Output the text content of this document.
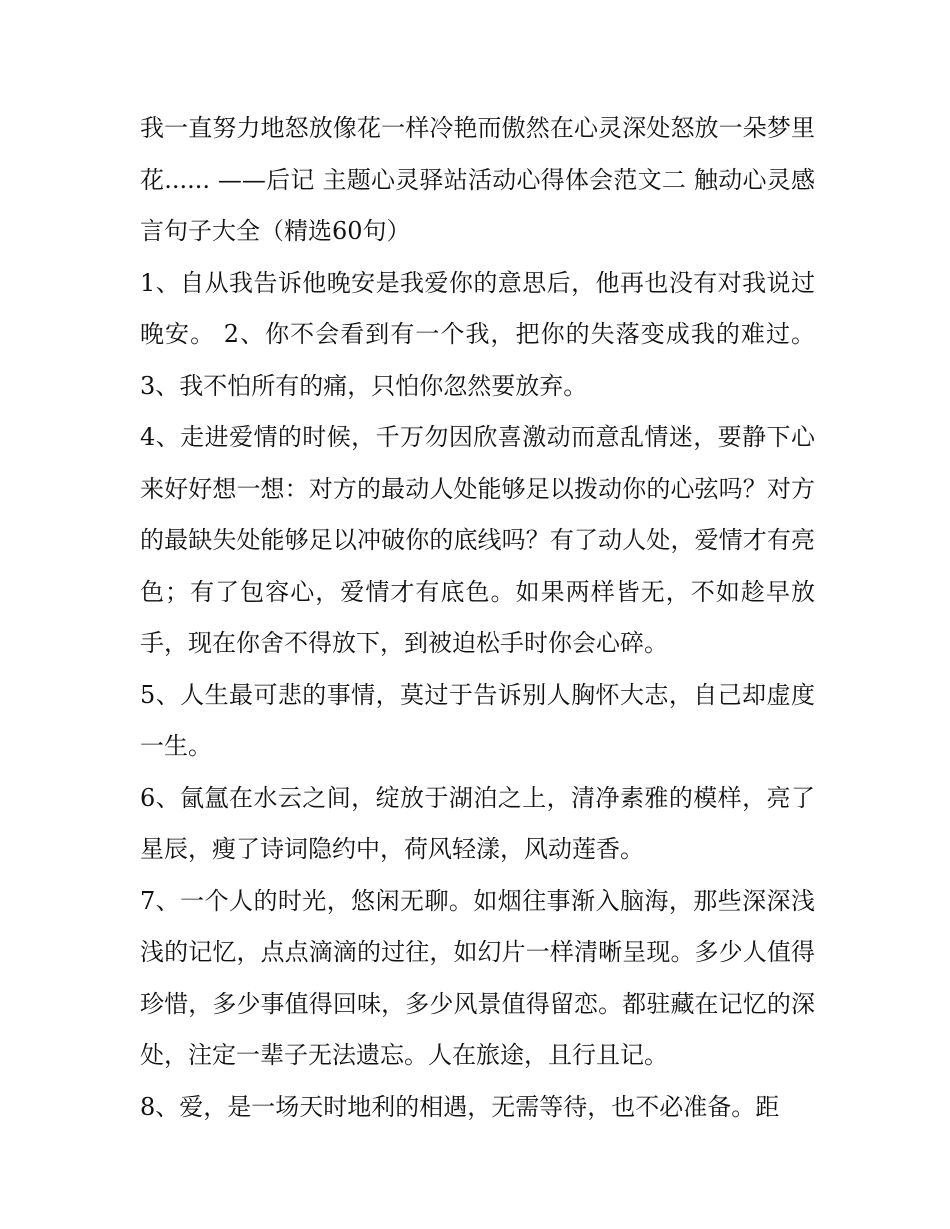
我一直努力地怒放像花一样冷艳而傲然在心灵深处怒放一朵梦里花...... ——后记 主题心灵驿站活动心得体会范文二 触动心灵感言句子大全（精选60句）

1、自从我告诉他晚安是我爱你的意思后，他再也没有对我说过晚安。 2、你不会看到有一个我，把你的失落变成我的难过。 3、我不怕所有的痛，只怕你忽然要放弃。

4、走进爱情的时候，千万勿因欣喜激动而意乱情迷，要静下心来好好想一想：对方的最动人处能够足以拨动你的心弦吗？对方的最缺失处能够足以冲破你的底线吗？有了动人处，爱情才有亮色；有了包容心，爱情才有底色。如果两样皆无，不如趁早放手，现在你舍不得放下，到被迫松手时你会心碎。

5、人生最可悲的事情，莫过于告诉别人胸怀大志，自己却虚度一生。

6、氤氲在水云之间，绽放于湖泊之上，清净素雅的模样，亮了星辰，瘦了诗词隐约中，荷风轻漾，风动莲香。

7、一个人的时光，悠闲无聊。如烟往事渐入脑海，那些深深浅浅的记忆，点点滴滴的过往，如幻片一样清晰呈现。多少人值得珍惜，多少事值得回味，多少风景值得留恋。都驻藏在记忆的深处，注定一辈子无法遗忘。人在旅途，且行且记。

8、爱，是一场天时地利的相遇，无需等待，也不必准备。距
